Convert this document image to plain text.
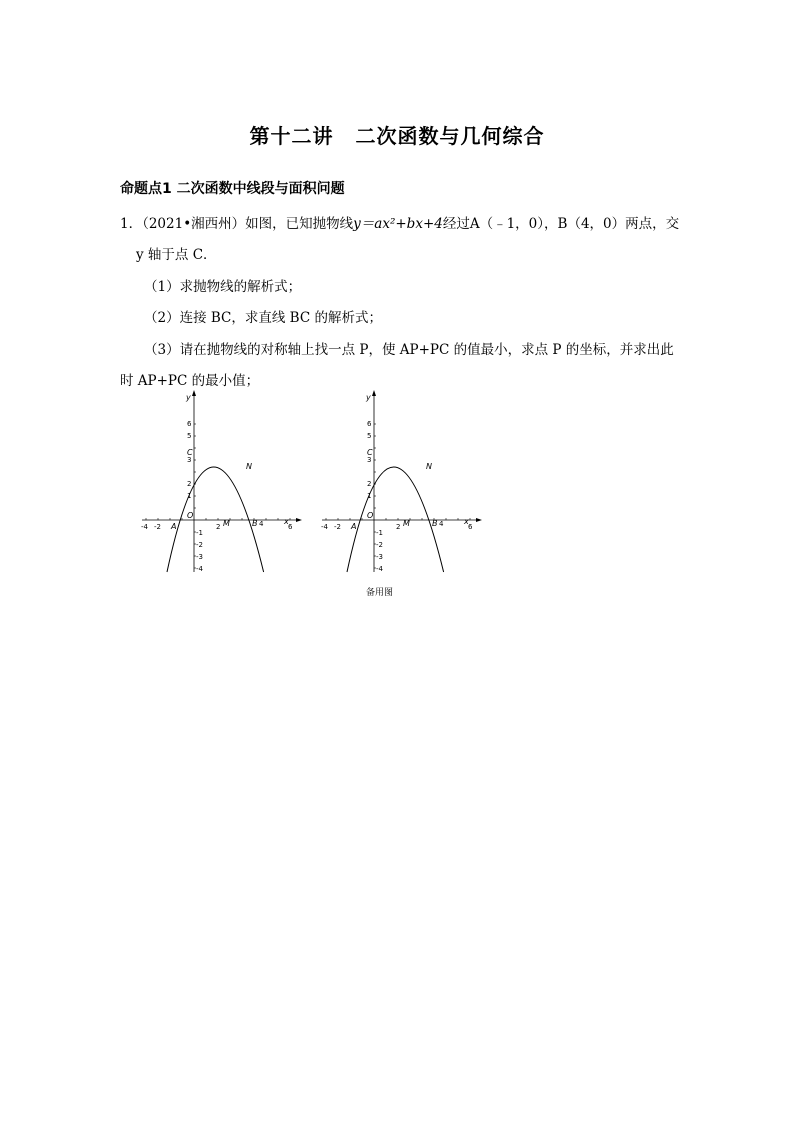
第十二讲 二次函数与几何综合
命题点1 二次函数中线段与面积问题
1．（2021•湘西州）如图，已知抛物线y＝ax²+bx+4经过A（﹣1，0），B（4，0）两点，交
y 轴于点 C．
（1）求抛物线的解析式；
（2）连接 BC，求直线 BC 的解析式；
（3）请在抛物线的对称轴上找一点 P，使 AP+PC 的值最小，求点 P 的坐标，并求出此
时 AP+PC 的最小值；
x
y
O
-4 -2	2	6
A	M	B 4
N
C
6
5
3
2
1
-1
-2
-3
-4
x
y
O
-4 -2	2	6
A	M	B 4
N
C
6
5
3
2
1
-1
-2
-3
-4
备用图
